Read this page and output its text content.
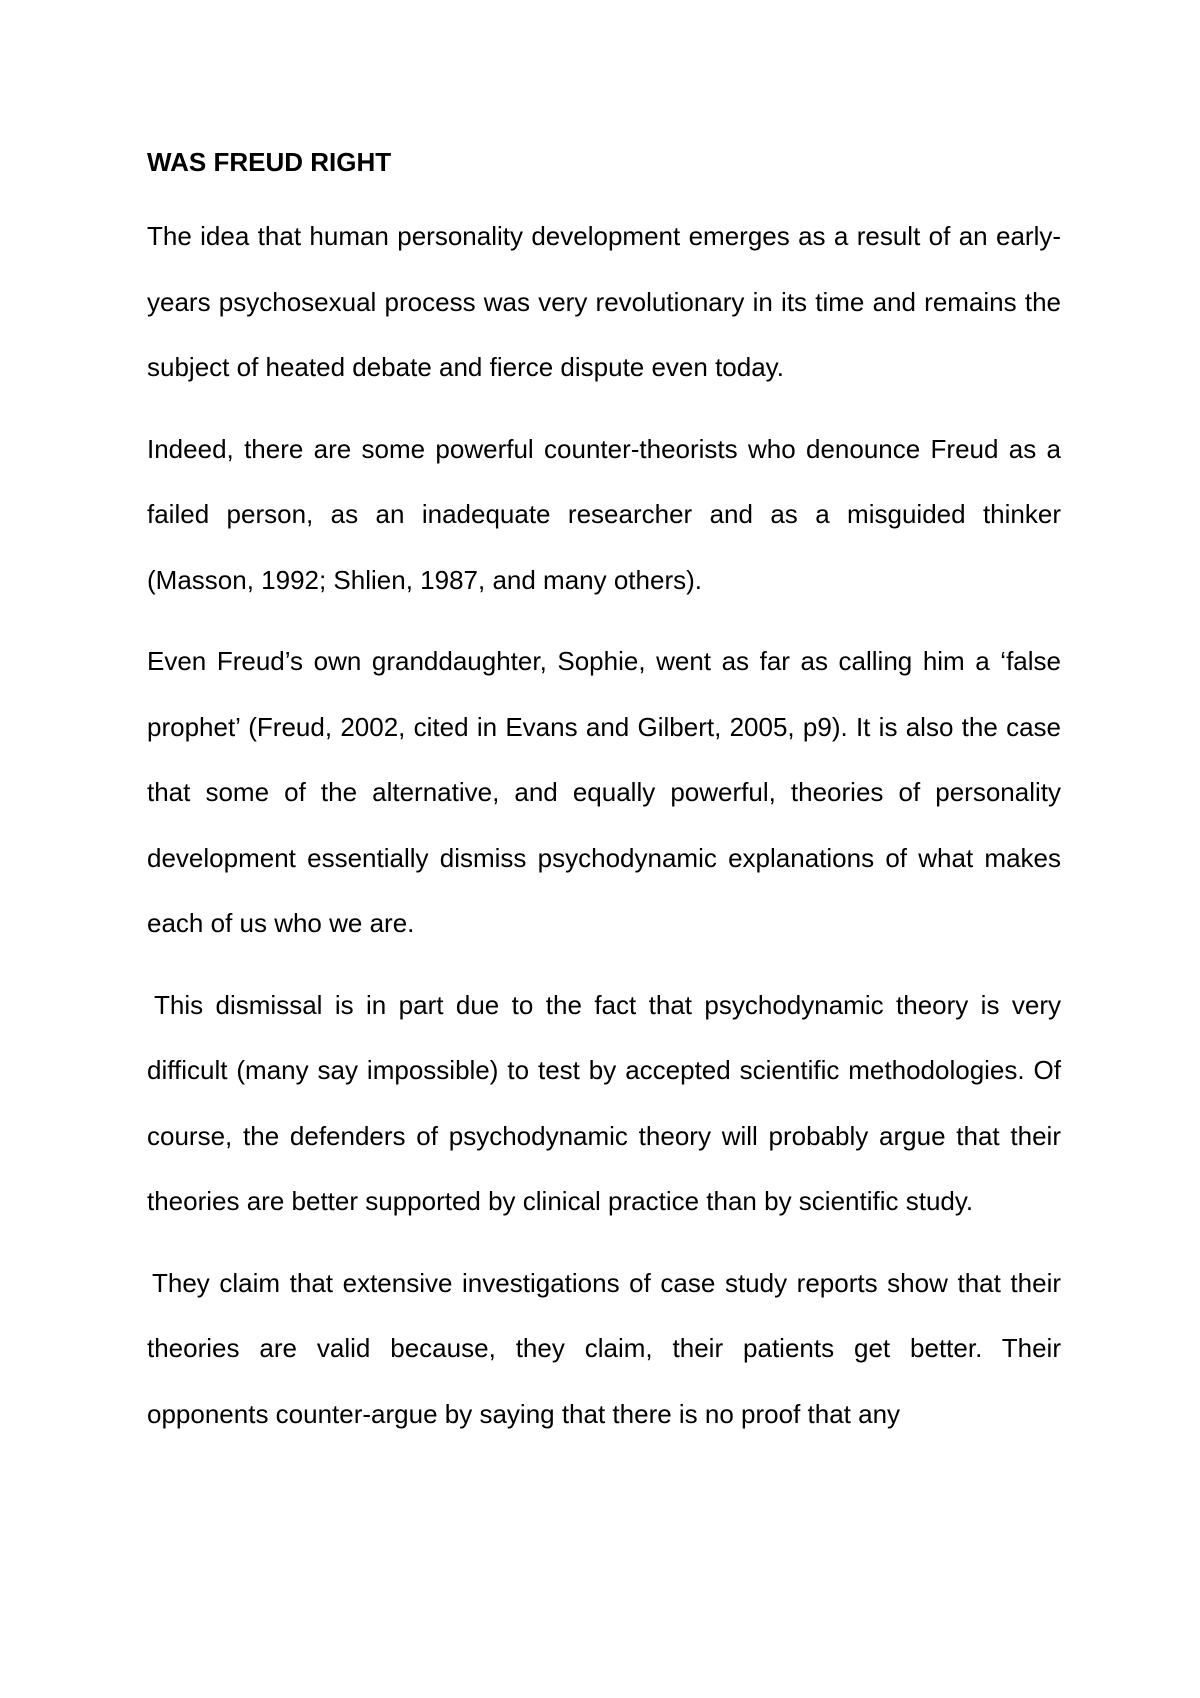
WAS FREUD RIGHT

The idea that human personality development emerges as a result of an early-years psychosexual process was very revolutionary in its time and remains the subject of heated debate and fierce dispute even today.

Indeed, there are some powerful counter-theorists who denounce Freud as a failed person, as an inadequate researcher and as a misguided thinker (Masson, 1992; Shlien, 1987, and many others).

Even Freud’s own granddaughter, Sophie, went as far as calling him a ‘false prophet’ (Freud, 2002, cited in Evans and Gilbert, 2005, p9). It is also the case that some of the alternative, and equally powerful, theories of personality development essentially dismiss psychodynamic explanations of what makes each of us who we are.

This dismissal is in part due to the fact that psychodynamic theory is very difficult (many say impossible) to test by accepted scientific methodologies. Of course, the defenders of psychodynamic theory will probably argue that their theories are better supported by clinical practice than by scientific study.

They claim that extensive investigations of case study reports show that their theories are valid because, they claim, their patients get better. Their opponents counter-argue by saying that there is no proof that any
